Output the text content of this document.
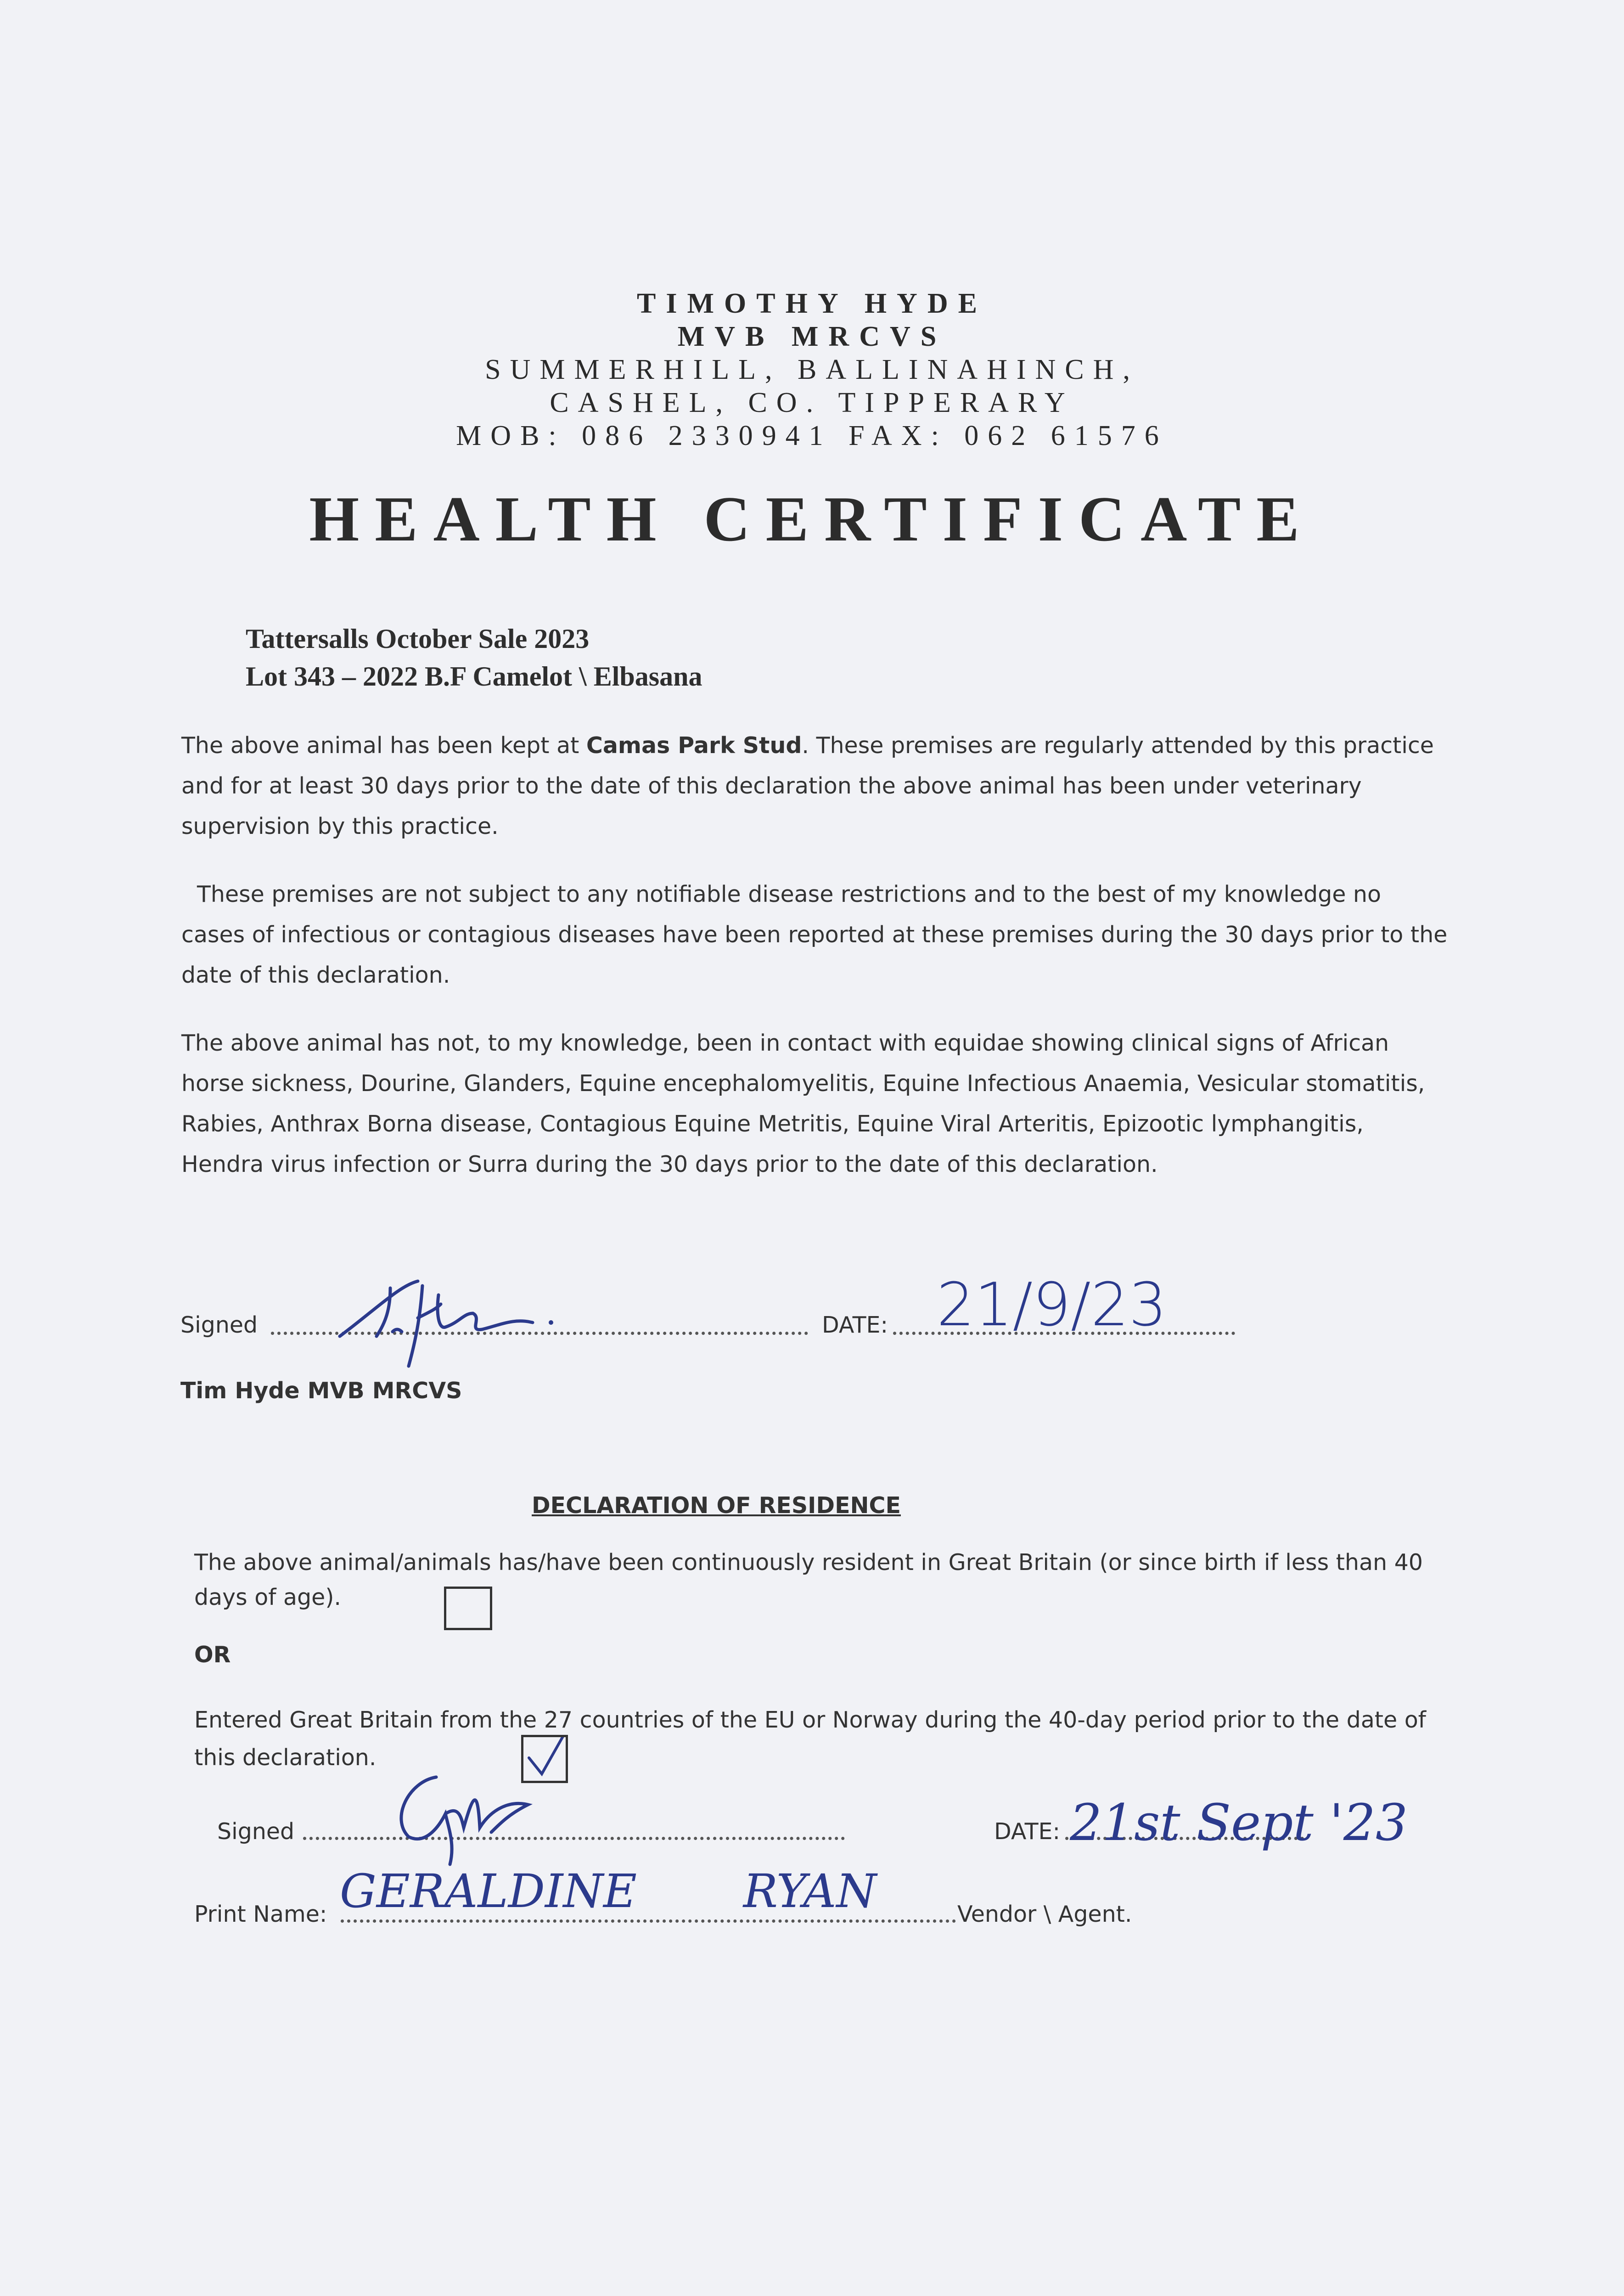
TIMOTHY HYDE
MVB MRCVS
SUMMERHILL, BALLINAHINCH,
CASHEL, CO. TIPPERARY
MOB: 086 2330941 FAX: 062 61576
HEALTH CERTIFICATE
Tattersalls October Sale 2023
Lot 343 – 2022 B.F Camelot \ Elbasana
The above animal has been kept at Camas Park Stud. These premises are regularly attended by this practice and for at least 30 days prior to the date of this declaration the above animal has been under veterinary supervision by this practice.
These premises are not subject to any notifiable disease restrictions and to the best of my knowledge no cases of infectious or contagious diseases have been reported at these premises during the 30 days prior to the date of this declaration.
The above animal has not, to my knowledge, been in contact with equidae showing clinical signs of African horse sickness, Dourine, Glanders, Equine encephalomyelitis, Equine Infectious Anaemia, Vesicular stomatitis, Rabies, Anthrax Borna disease, Contagious Equine Metritis, Equine Viral Arteritis, Epizootic lymphangitis, Hendra virus infection or Surra during the 30 days prior to the date of this declaration.
Signed	DATE: 21/9/23
Tim Hyde MVB MRCVS
DECLARATION OF RESIDENCE
The above animal/animals has/have been continuously resident in Great Britain (or since birth if less than 40 days of age).
OR
Entered Great Britain from the 27 countries of the EU or Norway during the 40-day period prior to the date of this declaration.
Signed	DATE: 21st Sept '23
Print Name: GERALDINE RYAN	Vendor \ Agent.
